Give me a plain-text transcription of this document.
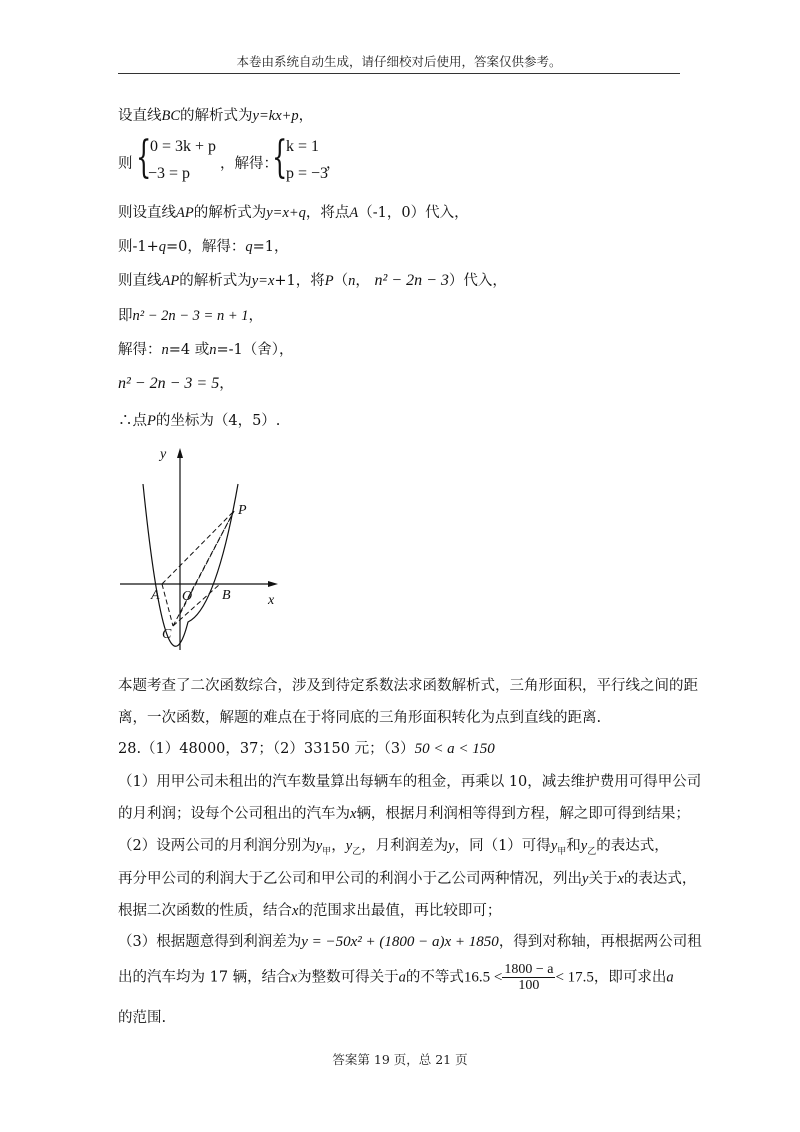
本卷由系统自动生成，请仔细校对后使用，答案仅供参考。
设直线BC的解析式为y=kx+p，
则 {
0 = 3k + p
−3 = p
，解得：
{
k = 1
p = −3
，
则设直线AP的解析式为y=x+q，将点A（-1，0）代入，
则-1+q=0，解得：q=1，
则直线AP的解析式为y=x+1，将P（n， n² − 2n − 3）代入，
即n² − 2n − 3 = n + 1，
解得：n=4 或n=-1（舍），
n² − 2n − 3 = 5，
∴点P的坐标为（4，5）.
y
x
P
A O B
C
本题考查了二次函数综合，涉及到待定系数法求函数解析式，三角形面积，平行线之间的距
离，一次函数，解题的难点在于将同底的三角形面积转化为点到直线的距离.
28.（1）48000，37；（2）33150 元；（3）50 < a < 150
（1）用甲公司未租出的汽车数量算出每辆车的租金，再乘以 10，减去维护费用可得甲公司
的月利润；设每个公司租出的汽车为x辆，根据月利润相等得到方程，解之即可得到结果；
（2）设两公司的月利润分别为$y_甲$，$y_乙$，月利润差为y，同（1）可得$y_甲$和$y_乙$的表达式，
再分甲公司的利润大于乙公司和甲公司的利润小于乙公司两种情况，列出y关于x的表达式，
根据二次函数的性质，结合x的范围求出最值，再比较即可；
（3）根据题意得到利润差为y = −50x² + (1800 − a)x + 1850，得到对称轴，再根据两公司租
出的汽车均为 17 辆，结合x为整数可得关于a的不等式$16.5 < \frac{1800 - a}{100} < 17.5$，即可求出a
的范围.
答案第 19 页，总 21 页
